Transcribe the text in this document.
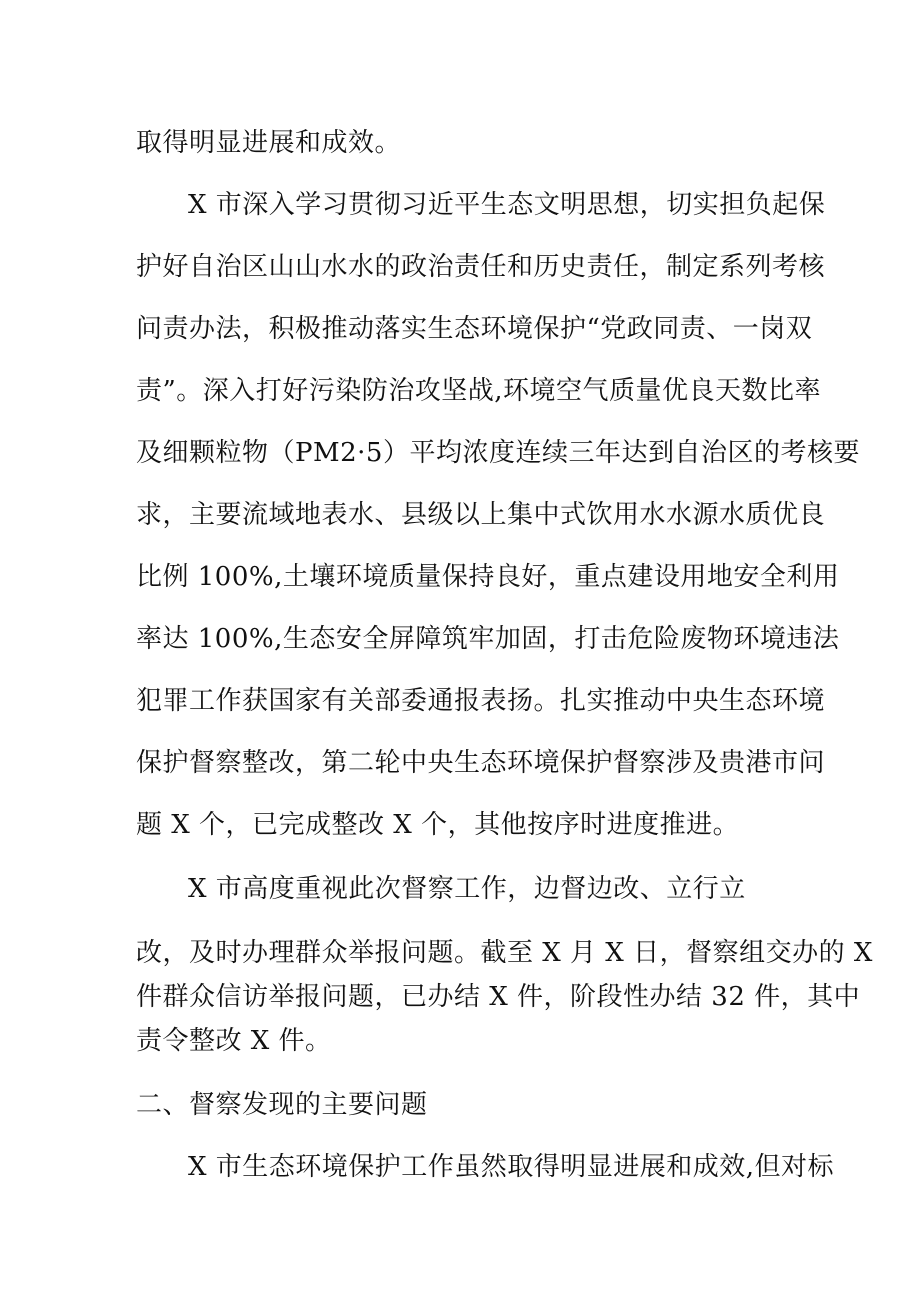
取得明显进展和成效。
X 市深入学习贯彻习近平生态文明思想，切实担负起保
护好自治区山山水水的政治责任和历史责任，制定系列考核
问责办法，积极推动落实生态环境保护“党政同责、一岗双
责”。深入打好污染防治攻坚战,环境空气质量优良天数比率
及细颗粒物（PM2·5）平均浓度连续三年达到自治区的考核要
求，主要流域地表水、县级以上集中式饮用水水源水质优良
比例 100%,土壤环境质量保持良好，重点建设用地安全利用
率达 100%,生态安全屏障筑牢加固，打击危险废物环境违法
犯罪工作获国家有关部委通报表扬。扎实推动中央生态环境
保护督察整改，第二轮中央生态环境保护督察涉及贵港市问
题 X 个，已完成整改 X 个，其他按序时进度推进。
X 市高度重视此次督察工作，边督边改、立行立
改，及时办理群众举报问题。截至 X 月 X 日，督察组交办的 X
件群众信访举报问题，已办结 X 件，阶段性办结 32 件，其中
责令整改 X 件。
二、督察发现的主要问题
X 市生态环境保护工作虽然取得明显进展和成效,但对标
